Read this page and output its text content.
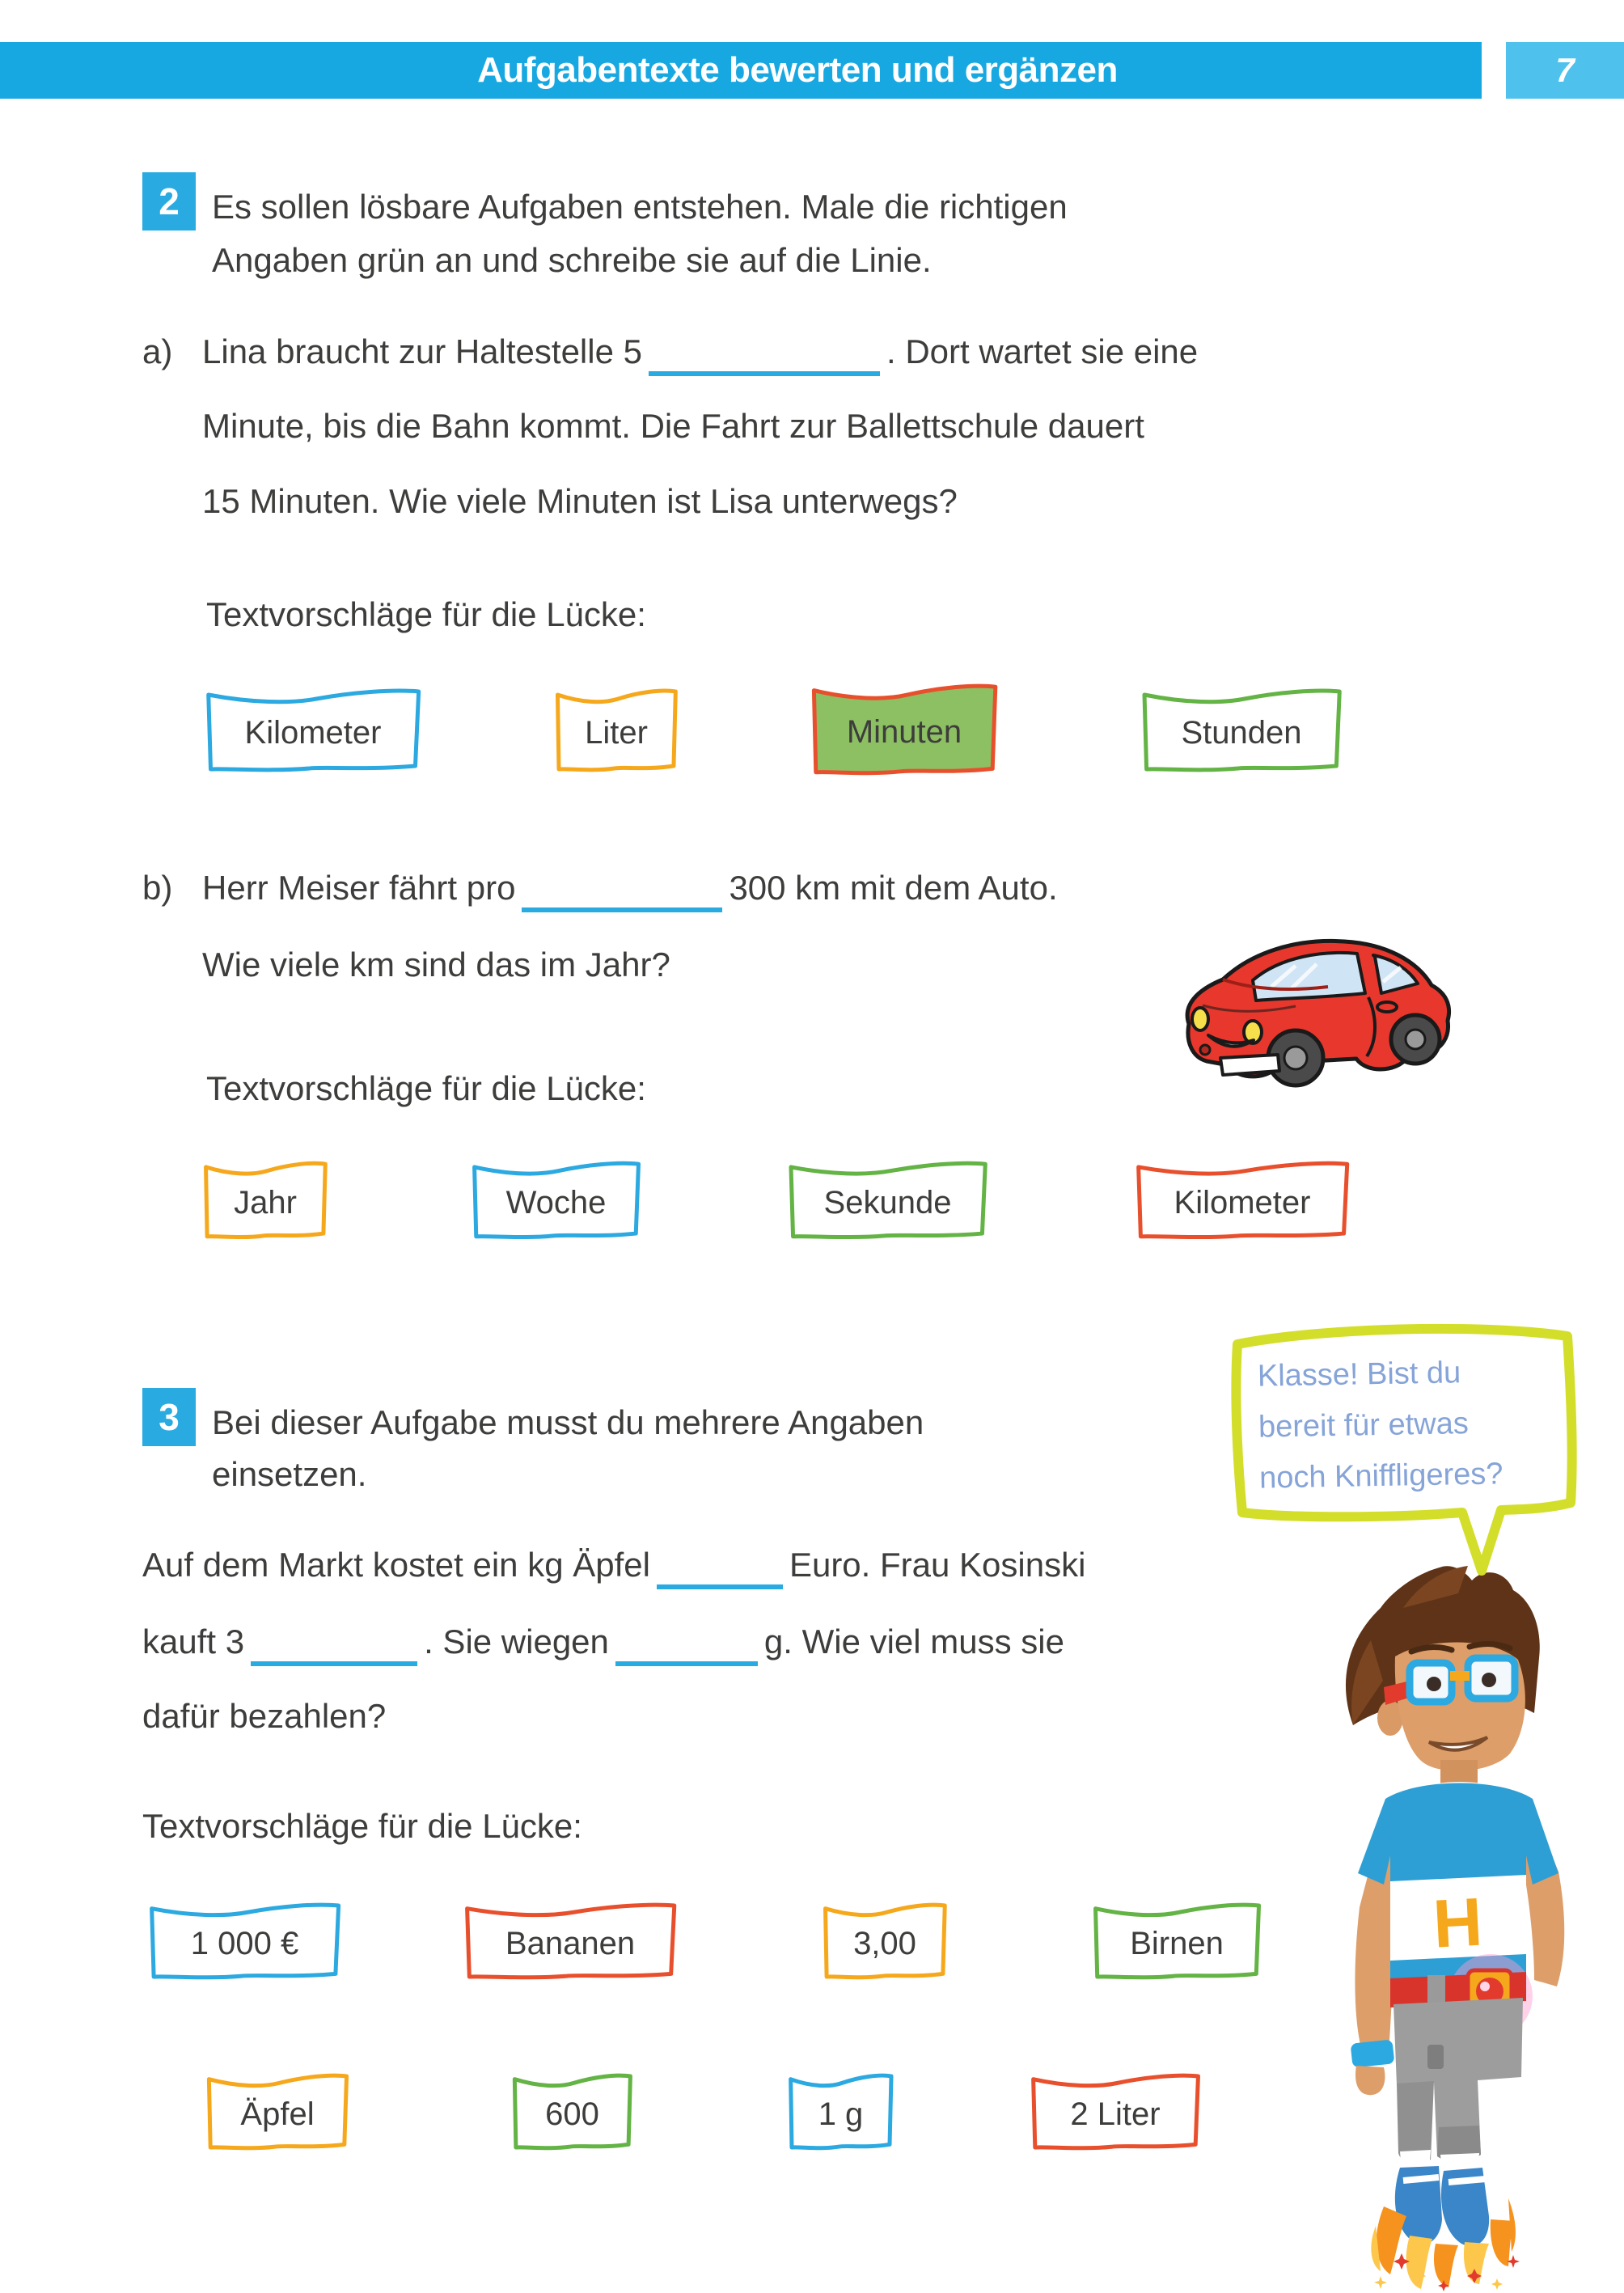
Aufgabentexte bewerten und ergänzen	7
2 Es sollen lösbare Aufgaben entstehen. Male die richtigen
Angaben grün an und schreibe sie auf die Linie.
a) Lina braucht zur Haltestelle 5	. Dort wartet sie eine
Minute, bis die Bahn kommt. Die Fahrt zur Ballettschule dauert
15 Minuten. Wie viele Minuten ist Lisa unterwegs?
Textvorschläge für die Lücke:
Kilometer	Liter	Minuten	Stunden
b) Herr Meiser fährt pro	300 km mit dem Auto.
Wie viele km sind das im Jahr?
Textvorschläge für die Lücke:
Jahr	Woche	Sekunde	Kilometer
3 Bei dieser Aufgabe musst du mehrere Angaben
einsetzen.
Auf dem Markt kostet ein kg Äpfel	Euro. Frau Kosinski
kauft 3	. Sie wiegen	g. Wie viel muss sie
dafür bezahlen?
Textvorschläge für die Lücke:
1 000 €	Bananen	3,00	Birnen
Äpfel	600	1 g	2 Liter
H
Klasse! Bist du
bereit für etwas
noch Kniffligeres?
